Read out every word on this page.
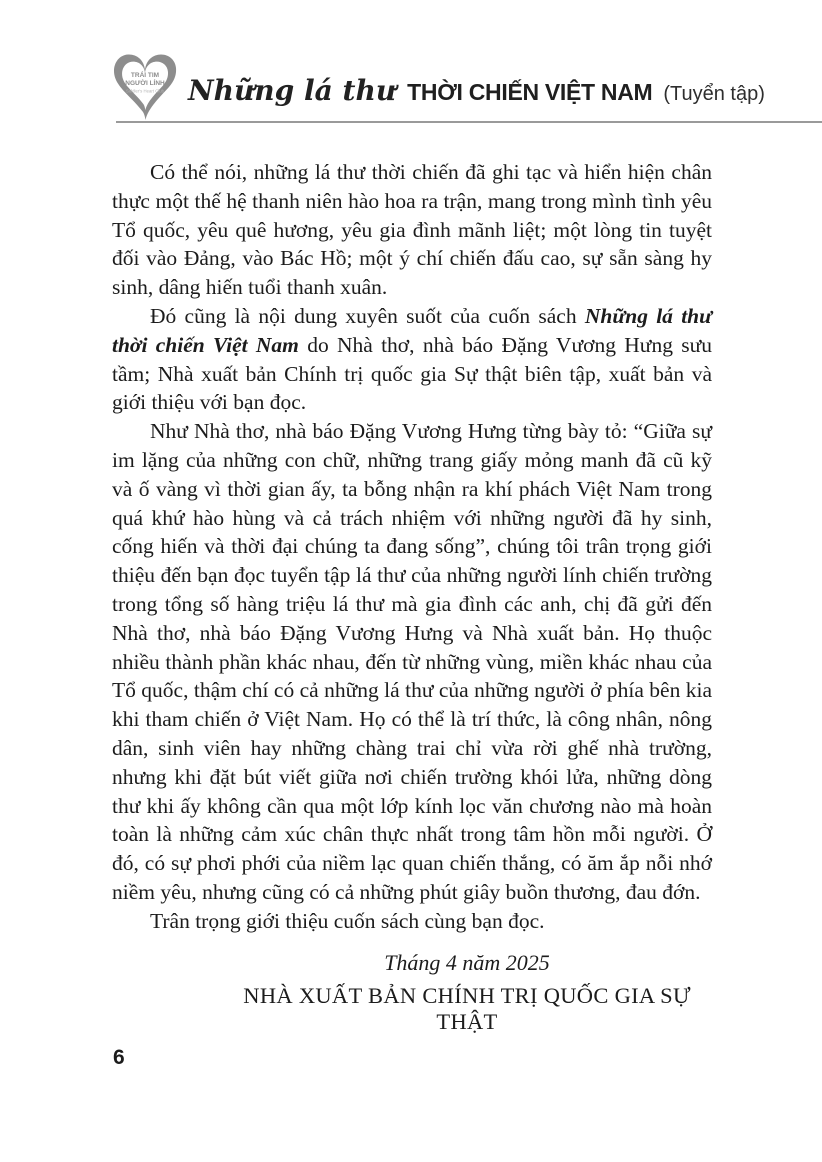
TRÁI TIM
NGƯỜI LÍNH
Soldier's Heart Club Những lá thư THỜI CHIẾN VIỆT NAM (Tuyển tập)

Có thể nói, những lá thư thời chiến đã ghi tạc và hiển hiện chân thực một thế hệ thanh niên hào hoa ra trận, mang trong mình tình yêu Tổ quốc, yêu quê hương, yêu gia đình mãnh liệt; một lòng tin tuyệt đối vào Đảng, vào Bác Hồ; một ý chí chiến đấu cao, sự sẵn sàng hy sinh, dâng hiến tuổi thanh xuân.

Đó cũng là nội dung xuyên suốt của cuốn sách Những lá thư thời chiến Việt Nam do Nhà thơ, nhà báo Đặng Vương Hưng sưu tầm; Nhà xuất bản Chính trị quốc gia Sự thật biên tập, xuất bản và giới thiệu với bạn đọc.

Như Nhà thơ, nhà báo Đặng Vương Hưng từng bày tỏ: “Giữa sự im lặng của những con chữ, những trang giấy mỏng manh đã cũ kỹ và ố vàng vì thời gian ấy, ta bỗng nhận ra khí phách Việt Nam trong quá khứ hào hùng và cả trách nhiệm với những người đã hy sinh, cống hiến và thời đại chúng ta đang sống”, chúng tôi trân trọng giới thiệu đến bạn đọc tuyển tập lá thư của những người lính chiến trường trong tổng số hàng triệu lá thư mà gia đình các anh, chị đã gửi đến Nhà thơ, nhà báo Đặng Vương Hưng và Nhà xuất bản. Họ thuộc nhiều thành phần khác nhau, đến từ những vùng, miền khác nhau của Tổ quốc, thậm chí có cả những lá thư của những người ở phía bên kia khi tham chiến ở Việt Nam. Họ có thể là trí thức, là công nhân, nông dân, sinh viên hay những chàng trai chỉ vừa rời ghế nhà trường, nhưng khi đặt bút viết giữa nơi chiến trường khói lửa, những dòng thư khi ấy không cần qua một lớp kính lọc văn chương nào mà hoàn toàn là những cảm xúc chân thực nhất trong tâm hồn mỗi người. Ở đó, có sự phơi phới của niềm lạc quan chiến thắng, có ăm ắp nỗi nhớ niềm yêu, nhưng cũng có cả những phút giây buồn thương, đau đớn.

Trân trọng giới thiệu cuốn sách cùng bạn đọc.

Tháng 4 năm 2025
NHÀ XUẤT BẢN CHÍNH TRỊ QUỐC GIA SỰ THẬT
6
